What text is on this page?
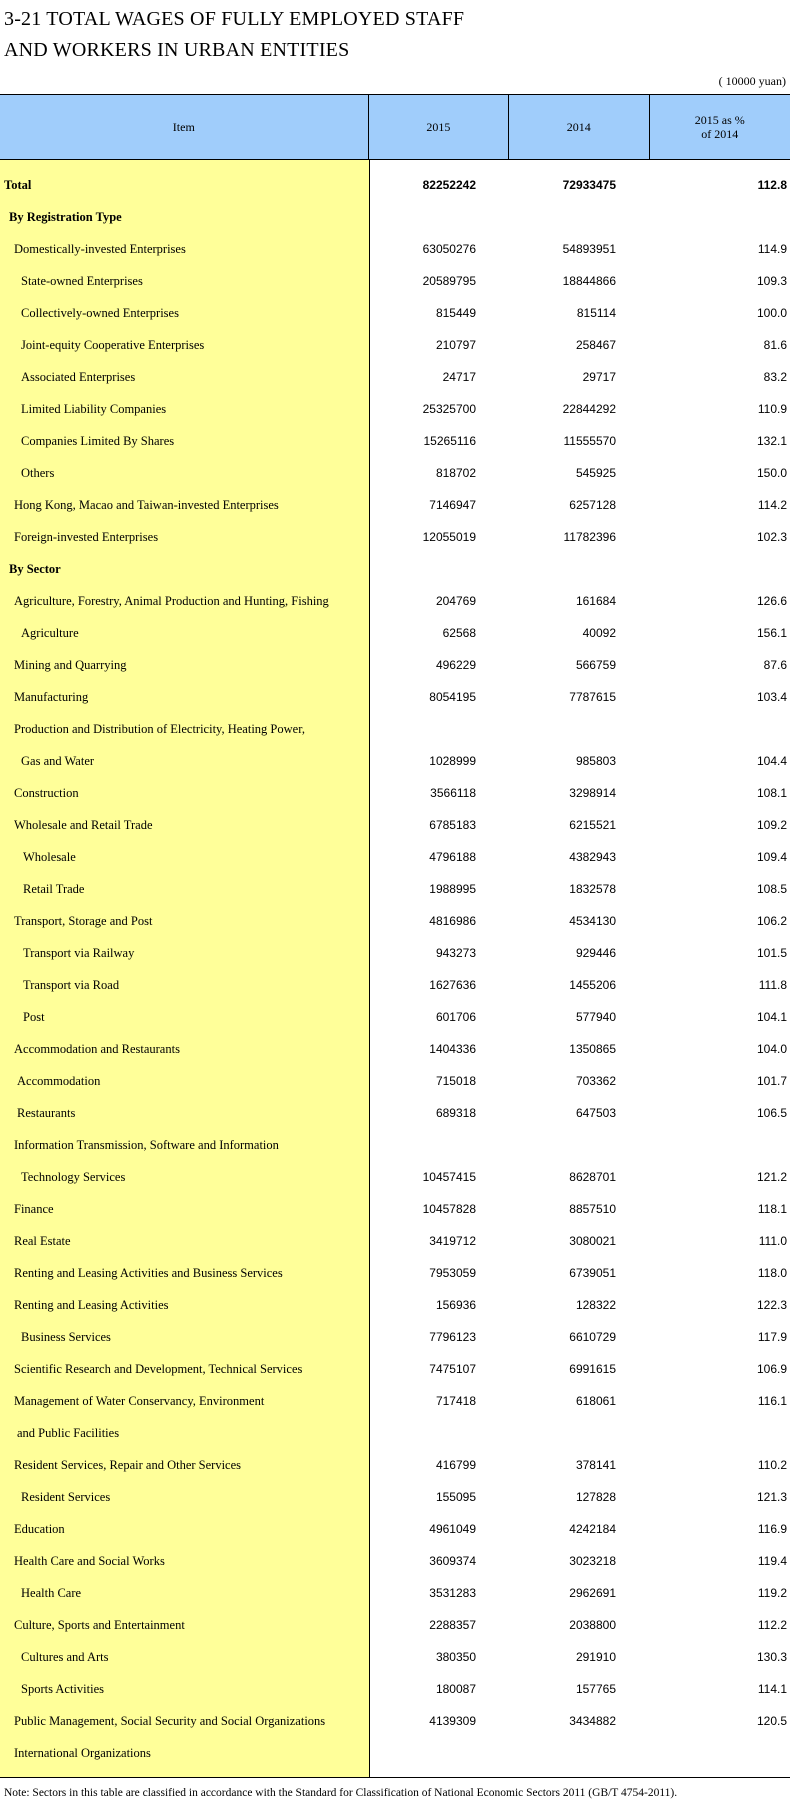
3-21 TOTAL WAGES OF FULLY EMPLOYED STAFF
AND WORKERS IN URBAN ENTITIES
( 10000 yuan)
Item	2015	2014	2015 as %
of 2014
Total	82252242	72933475	112.8
By Registration Type
Domestically-invested Enterprises	63050276	54893951	114.9
State-owned Enterprises	20589795	18844866	109.3
Collectively-owned Enterprises	815449	815114	100.0
Joint-equity Cooperative Enterprises	210797	258467	81.6
Associated Enterprises	24717	29717	83.2
Limited Liability Companies	25325700	22844292	110.9
Companies Limited By Shares	15265116	11555570	132.1
Others	818702	545925	150.0
Hong Kong, Macao and Taiwan-invested Enterprises	7146947	6257128	114.2
Foreign-invested Enterprises	12055019	11782396	102.3
By Sector
Agriculture, Forestry, Animal Production and Hunting, Fishing	204769	161684	126.6
Agriculture	62568	40092	156.1
Mining and Quarrying	496229	566759	87.6
Manufacturing	8054195	7787615	103.4
Production and Distribution of Electricity, Heating Power,
Gas and Water	1028999	985803	104.4
Construction	3566118	3298914	108.1
Wholesale and Retail Trade	6785183	6215521	109.2
Wholesale	4796188	4382943	109.4
Retail Trade	1988995	1832578	108.5
Transport, Storage and Post	4816986	4534130	106.2
Transport via Railway	943273	929446	101.5
Transport via Road	1627636	1455206	111.8
Post	601706	577940	104.1
Accommodation and Restaurants	1404336	1350865	104.0
Accommodation	715018	703362	101.7
Restaurants	689318	647503	106.5
Information Transmission, Software and Information
Technology Services	10457415	8628701	121.2
Finance	10457828	8857510	118.1
Real Estate	3419712	3080021	111.0
Renting and Leasing Activities and Business Services	7953059	6739051	118.0
Renting and Leasing Activities	156936	128322	122.3
Business Services	7796123	6610729	117.9
Scientific Research and Development, Technical Services	7475107	6991615	106.9
Management of Water Conservancy, Environment	717418	618061	116.1
and Public Facilities
Resident Services, Repair and Other Services	416799	378141	110.2
Resident Services	155095	127828	121.3
Education	4961049	4242184	116.9
Health Care and Social Works	3609374	3023218	119.4
Health Care	3531283	2962691	119.2
Culture, Sports and Entertainment	2288357	2038800	112.2
Cultures and Arts	380350	291910	130.3
Sports Activities	180087	157765	114.1
Public Management, Social Security and Social Organizations	4139309	3434882	120.5
International Organizations
Note: Sectors in this table are classified in accordance with the Standard for Classification of National Economic Sectors 2011 (GB/T 4754-2011).
